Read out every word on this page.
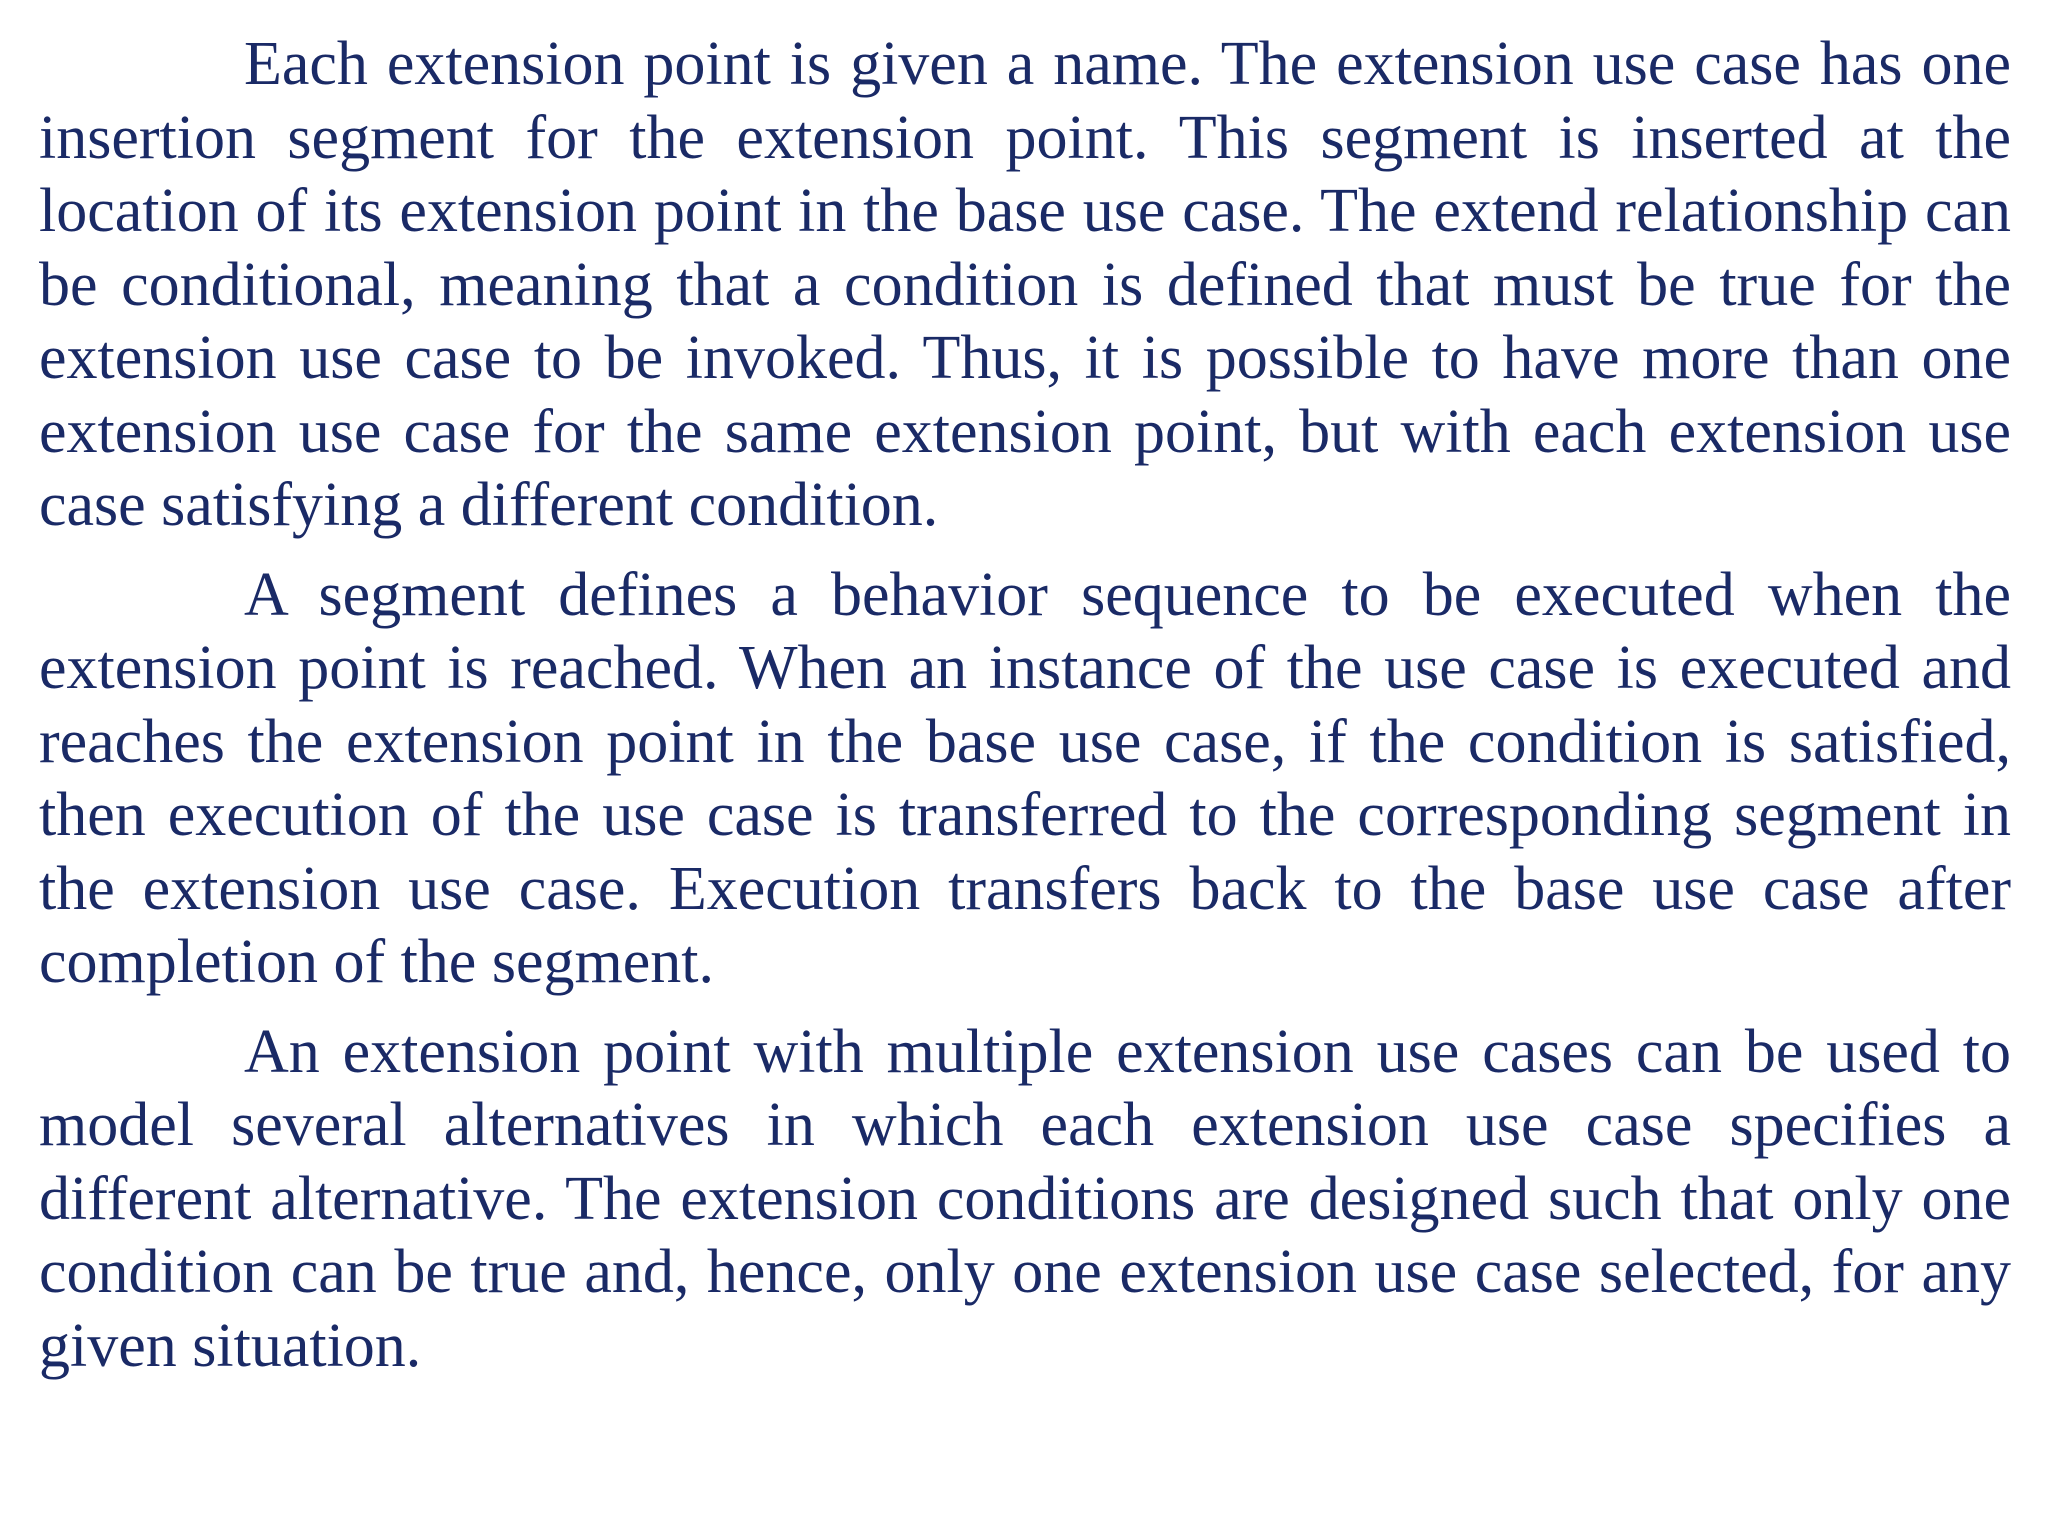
Each extension point is given a name. The extension use case has one insertion segment for the extension point. This segment is inserted at the location of its extension point in the base use case. The extend relationship can be conditional, meaning that a condition is defined that must be true for the extension use case to be invoked. Thus, it is possible to have more than one extension use case for the same extension point, but with each extension use case satisfying a different condition.

A segment defines a behavior sequence to be executed when the extension point is reached. When an instance of the use case is executed and reaches the extension point in the base use case, if the condition is satisfied, then execution of the use case is transferred to the corresponding segment in the extension use case. Execution transfers back to the base use case after completion of the segment.

An extension point with multiple extension use cases can be used to model several alternatives in which each extension use case specifies a different alternative. The extension conditions are designed such that only one condition can be true and, hence, only one extension use case selected, for any given situation.
